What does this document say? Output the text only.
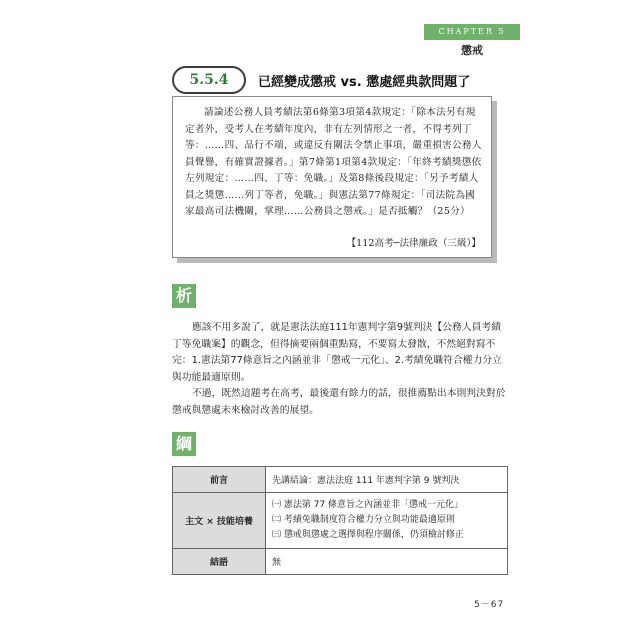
CHAPTER 5
懲戒
5.5.4	已經變成懲戒 vs. 懲處經典款問題了
請論述公務人員考績法第6條第3項第4款規定：「除本法另有規定者外，受考人在考績年度內，非有左列情形之一者，不得考列丁等：……四、品行不端，或違反有關法令禁止事項，嚴重損害公務人員聲譽，有確實證據者。」第7條第1項第4款規定：「年終考績獎懲依左列規定：……四、丁等：免職。」及第8條後段規定：「另予考績人員之獎懲……列丁等者，免職。」與憲法第77條規定：「司法院為國家最高司法機關，掌理……公務員之懲戒。」是否抵觸？（25分）
【112高考─法律廉政（三級）】
析
應該不用多說了，就是憲法法庭111年憲判字第9號判決【公務人員考績丁等免職案】的觀念，但得摘要兩個重點寫，不要寫太發散，不然絕對寫不完：1.憲法第77條意旨之內涵並非「懲戒一元化」、2.考績免職符合權力分立與功能最適原則。
不過，既然這題考在高考，最後還有餘力的話，很推薦點出本則判決對於懲戒與懲處未來檢討改善的展望。
綱
前言	先講結論：憲法法庭 111 年憲判字第 9 號判決
主文 × 技能培養	㈠ 憲法第 77 條意旨之內涵並非「懲戒一元化」
㈡ 考績免職制度符合權力分立與功能最適原則
㈢ 懲戒與懲處之選擇與程序關係，仍須檢討修正

結語	無
5－67
